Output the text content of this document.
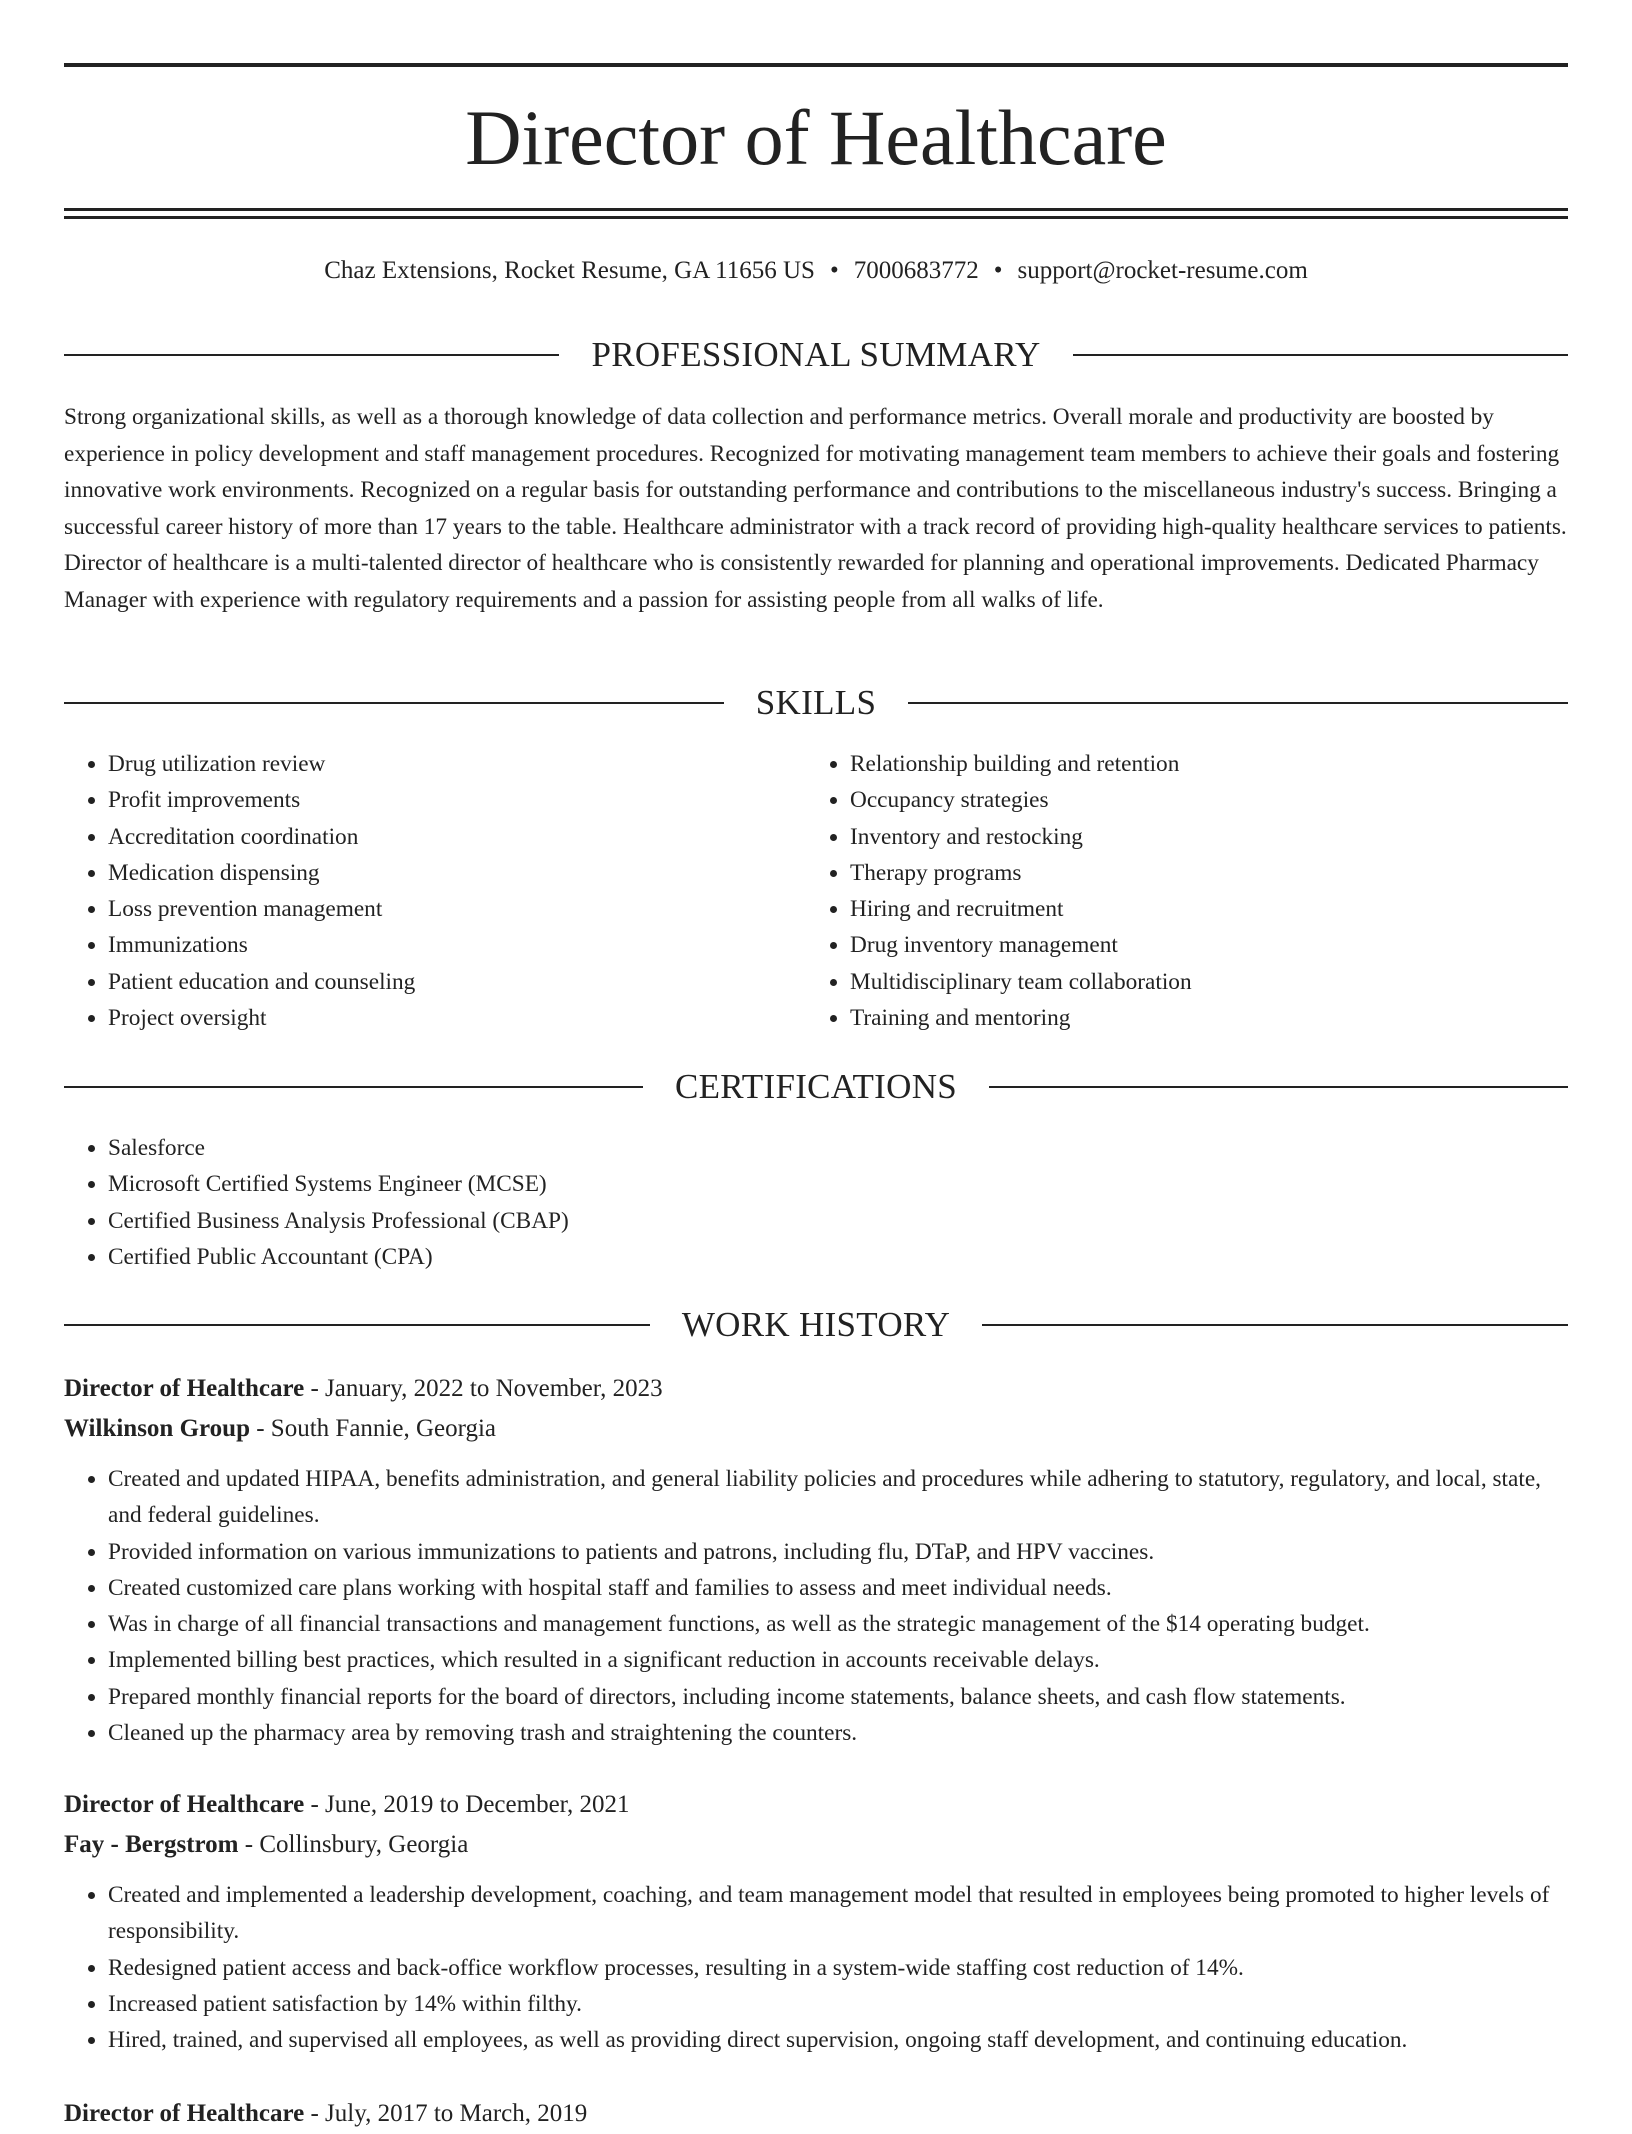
Director of Healthcare
Chaz Extensions, Rocket Resume, GA 11656 US • 7000683772 • support@rocket-resume.com
PROFESSIONAL SUMMARY

Strong organizational skills, as well as a thorough knowledge of data collection and performance metrics. Overall morale and productivity are boosted by experience in policy development and staff management procedures. Recognized for motivating management team members to achieve their goals and fostering innovative work environments. Recognized on a regular basis for outstanding performance and contributions to the miscellaneous industry's success. Bringing a successful career history of more than 17 years to the table. Healthcare administrator with a track record of providing high-quality healthcare services to patients. Director of healthcare is a multi-talented director of healthcare who is consistently rewarded for planning and operational improvements. Dedicated Pharmacy Manager with experience with regulatory requirements and a passion for assisting people from all walks of life.

SKILLS
• Drug utilization review
• Profit improvements
• Accreditation coordination
• Medication dispensing
• Loss prevention management
• Immunizations
• Patient education and counseling
• Project oversight
• Relationship building and retention
• Occupancy strategies
• Inventory and restocking
• Therapy programs
• Hiring and recruitment
• Drug inventory management
• Multidisciplinary team collaboration
• Training and mentoring
CERTIFICATIONS
• Salesforce
• Microsoft Certified Systems Engineer (MCSE)
• Certified Business Analysis Professional (CBAP)
• Certified Public Accountant (CPA)
WORK HISTORY
Director of Healthcare - January, 2022 to November, 2023
Wilkinson Group - South Fannie, Georgia
• Created and updated HIPAA, benefits administration, and general liability policies and procedures while adhering to statutory, regulatory, and local, state, and federal guidelines.
• Provided information on various immunizations to patients and patrons, including flu, DTaP, and HPV vaccines.
• Created customized care plans working with hospital staff and families to assess and meet individual needs.
• Was in charge of all financial transactions and management functions, as well as the strategic management of the $14 operating budget.
• Implemented billing best practices, which resulted in a significant reduction in accounts receivable delays.
• Prepared monthly financial reports for the board of directors, including income statements, balance sheets, and cash flow statements.
• Cleaned up the pharmacy area by removing trash and straightening the counters.
Director of Healthcare - June, 2019 to December, 2021
Fay - Bergstrom - Collinsbury, Georgia
• Created and implemented a leadership development, coaching, and team management model that resulted in employees being promoted to higher levels of responsibility.
• Redesigned patient access and back-office workflow processes, resulting in a system-wide staffing cost reduction of 14%.
• Increased patient satisfaction by 14% within filthy.
• Hired, trained, and supervised all employees, as well as providing direct supervision, ongoing staff development, and continuing education.
Director of Healthcare - July, 2017 to March, 2019
